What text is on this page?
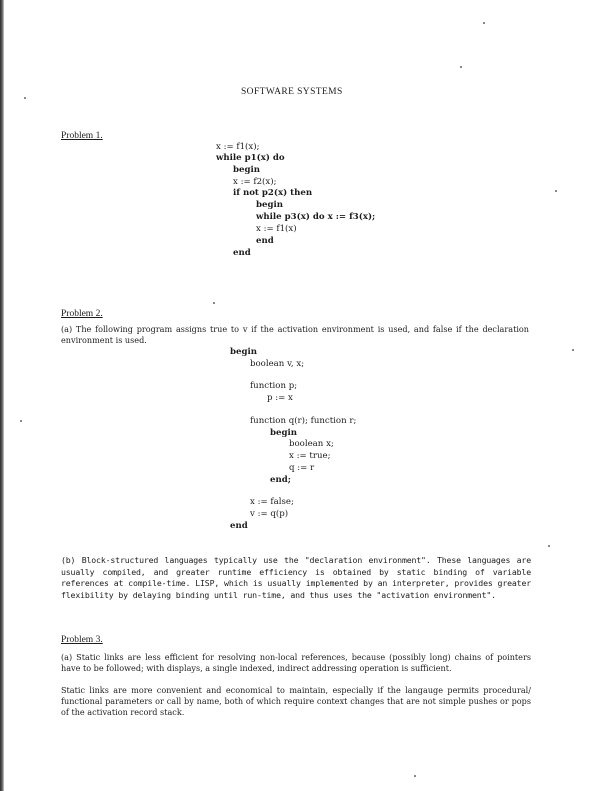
SOFTWARE SYSTEMS
Problem 1.
x := f1(x);
while p1(x) do
begin
x := f2(x);
if not p2(x) then
begin
while p3(x) do x := f3(x);
x := f1(x)
end
end
Problem 2.
(a) The following program assigns true to v if the activation environment is used, and false if the declaration environment is used.
begin
boolean v, x;
function p;
p := x
function q(r); function r;
begin
boolean x;
x := true;
q := r
end;
x := false;
v := q(p)
end
(b) Block-structured languages typically use the "declaration environment". These languages are usually compiled, and greater runtime efficiency is obtained by static binding of variable references at compile-time. LISP, which is usually implemented by an interpreter, provides greater flexibility by delaying binding until run-time, and thus uses the "activation environment".
Problem 3.
(a) Static links are less efficient for resolving non-local references, because (possibly long) chains of pointers have to be followed; with displays, a single indexed, indirect addressing operation is sufficient.
Static links are more convenient and economical to maintain, especially if the langauge permits procedural/ functional parameters or call by name, both of which require context changes that are not simple pushes or pops of the activation record stack.
